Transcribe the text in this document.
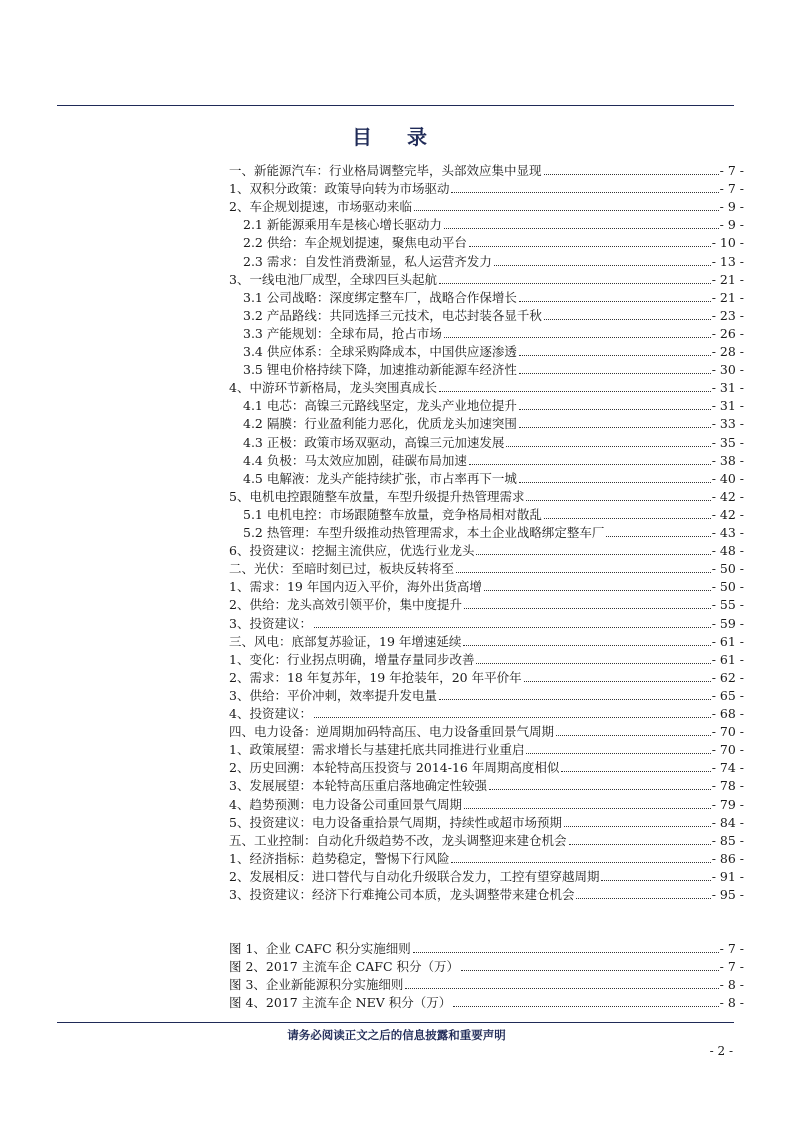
目 录
一、新能源汽车：行业格局调整完毕，头部效应集中显现	- 7 -
1、双积分政策：政策导向转为市场驱动	- 7 -
2、车企规划提速，市场驱动来临	- 9 -
2.1 新能源乘用车是核心增长驱动力	- 9 -
2.2 供给：车企规划提速，聚焦电动平台	- 10 -
2.3 需求：自发性消费渐显，私人运营齐发力	- 13 -
3、一线电池厂成型，全球四巨头起航	- 21 -
3.1 公司战略：深度绑定整车厂，战略合作保增长	- 21 -
3.2 产品路线：共同选择三元技术，电芯封装各显千秋	- 23 -
3.3 产能规划：全球布局，抢占市场	- 26 -
3.4 供应体系：全球采购降成本，中国供应逐渗透	- 28 -
3.5 锂电价格持续下降，加速推动新能源车经济性	- 30 -
4、中游环节新格局，龙头突围真成长	- 31 -
4.1 电芯：高镍三元路线坚定，龙头产业地位提升	- 31 -
4.2 隔膜：行业盈利能力恶化，优质龙头加速突围	- 33 -
4.3 正极：政策市场双驱动，高镍三元加速发展	- 35 -
4.4 负极：马太效应加剧，硅碳布局加速	- 38 -
4.5 电解液：龙头产能持续扩张，市占率再下一城	- 40 -
5、电机电控跟随整车放量，车型升级提升热管理需求	- 42 -
5.1 电机电控：市场跟随整车放量，竞争格局相对散乱	- 42 -
5.2 热管理：车型升级推动热管理需求，本土企业战略绑定整车厂	- 43 -
6、投资建议：挖掘主流供应，优选行业龙头	- 48 -
二、光伏：至暗时刻已过，板块反转将至	- 50 -
1、需求：19 年国内迈入平价，海外出货高增	- 50 -
2、供给：龙头高效引领平价，集中度提升	- 55 -
3、投资建议：	- 59 -
三、风电：底部复苏验证，19 年增速延续	- 61 -
1、变化：行业拐点明确，增量存量同步改善	- 61 -
2、需求：18 年复苏年，19 年抢装年，20 年平价年	- 62 -
3、供给：平价冲刺，效率提升发电量	- 65 -
4、投资建议：	- 68 -
四、电力设备：逆周期加码特高压、电力设备重回景气周期	- 70 -
1、政策展望：需求增长与基建托底共同推进行业重启	- 70 -
2、历史回溯：本轮特高压投资与 2014-16 年周期高度相似	- 74 -
3、发展展望：本轮特高压重启落地确定性较强	- 78 -
4、趋势预测：电力设备公司重回景气周期	- 79 -
5、投资建议：电力设备重拾景气周期，持续性或超市场预期	- 84 -
五、工业控制：自动化升级趋势不改，龙头调整迎来建仓机会	- 85 -
1、经济指标：趋势稳定，警惕下行风险	- 86 -
2、发展相反：进口替代与自动化升级联合发力，工控有望穿越周期	- 91 -
3、投资建议：经济下行难掩公司本质，龙头调整带来建仓机会	- 95 -
图 1、企业 CAFC 积分实施细则	- 7 -
图 2、2017 主流车企 CAFC 积分（万）	- 7 -
图 3、企业新能源积分实施细则	- 8 -
图 4、2017 主流车企 NEV 积分（万）	- 8 -
请务必阅读正文之后的信息披露和重要声明
- 2 -
